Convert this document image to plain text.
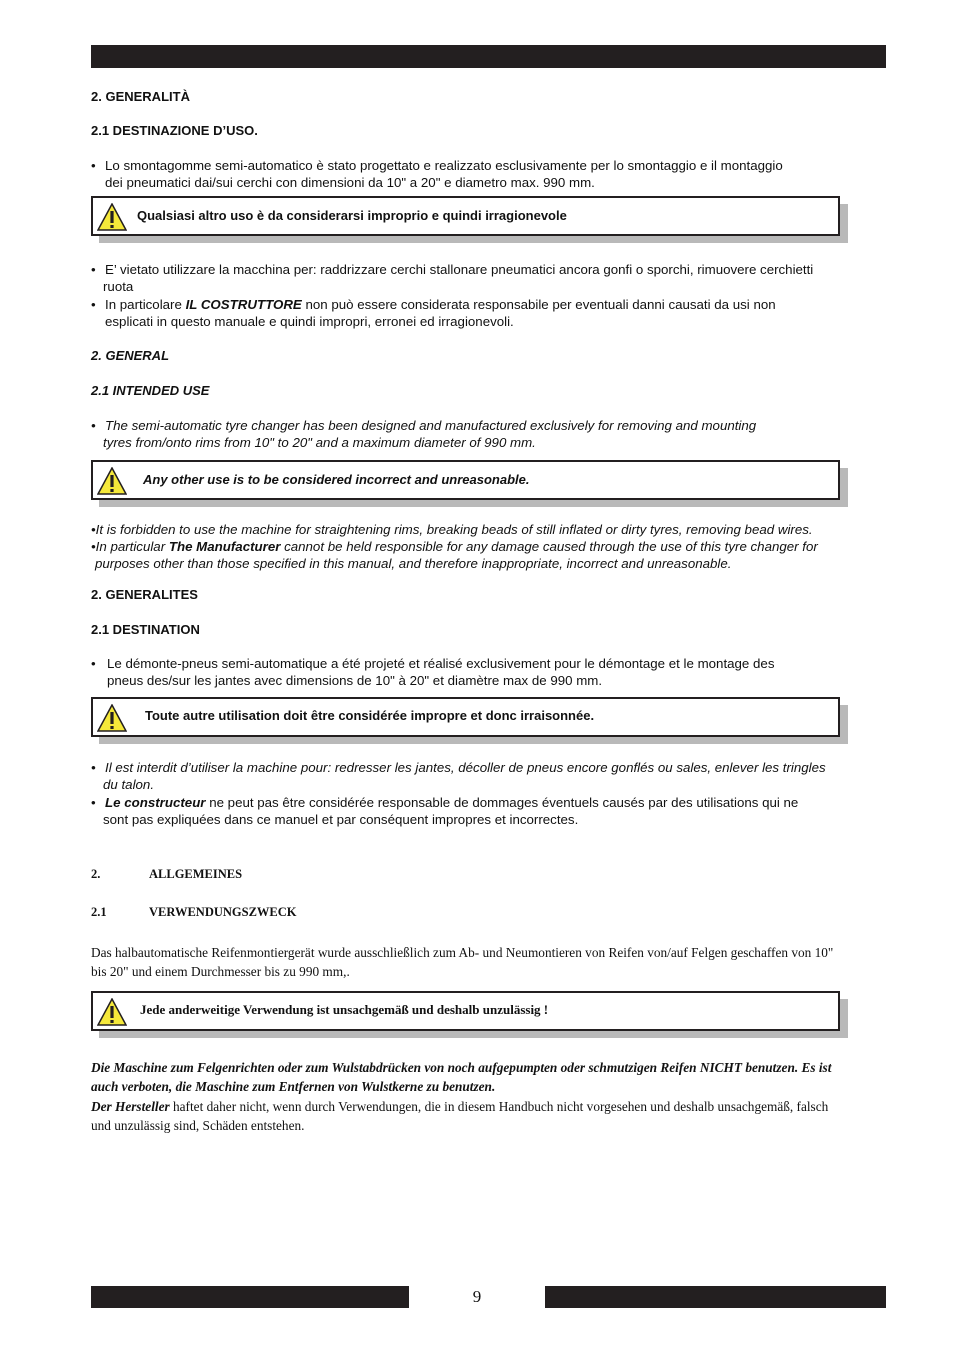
2. GENERALITÀ
2.1 DESTINAZIONE D’USO.
• Lo smontagomme semi-automatico è stato progettato e realizzato esclusivamente per lo smontaggio e il montaggio
dei pneumatici dai/sui cerchi con dimensioni da 10" a 20" e diametro max. 990 mm.
Qualsiasi altro uso è da considerarsi improprio e quindi irragionevole
• E’ vietato utilizzare la macchina per: raddrizzare cerchi stallonare pneumatici ancora gonfi o sporchi, rimuovere cerchietti
ruota
• In particolare IL COSTRUTTORE non può essere considerata responsabile per eventuali danni causati da usi non
esplicati in questo manuale e quindi impropri, erronei ed irragionevoli.
2. GENERAL
2.1 INTENDED USE
• The semi-automatic tyre changer has been designed and manufactured exclusively for removing and mounting
tyres from/onto rims from 10" to 20" and a maximum diameter of 990 mm.
Any other use is to be considered incorrect and unreasonable.
•It is forbidden to use the machine for straightening rims, breaking beads of still inflated or dirty tyres, removing bead wires.
•In particular The Manufacturer cannot be held responsible for any damage caused through the use of this tyre changer for
purposes other than those specified in this manual, and therefore inappropriate, incorrect and unreasonable.
2. GENERALITES
2.1 DESTINATION
• Le démonte-pneus semi-automatique a été projeté et réalisé exclusivement pour le démontage et le montage des
pneus des/sur les jantes avec dimensions de 10" à 20" et diamètre max de 990 mm.
Toute autre utilisation doit être considérée impropre et donc irraisonnée.
• Il est interdit d’utiliser la machine pour: redresser les jantes, décoller de pneus encore gonflés ou sales, enlever les tringles
du talon.
• Le constructeur ne peut pas être considérée responsable de dommages éventuels causés par des utilisations qui ne
sont pas expliquées dans ce manuel et par conséquent impropres et incorrectes.
2.	ALLGEMEINES
2.1	VERWENDUNGSZWECK
Das halbautomatische Reifenmontiergerät wurde ausschließlich zum Ab- und Neumontieren von Reifen von/auf Felgen geschaffen von 10"
bis 20" und einem Durchmesser bis zu 990 mm,.
Jede anderweitige Verwendung ist unsachgemäß und deshalb unzulässig !
Die Maschine zum Felgenrichten oder zum Wulstabdrücken von noch aufgepumpten oder schmutzigen Reifen NICHT benutzen. Es ist
auch verboten, die Maschine zum Entfernen von Wulstkerne zu benutzen.
Der Hersteller haftet daher nicht, wenn durch Verwendungen, die in diesem Handbuch nicht vorgesehen und deshalb unsachgemäß, falsch
und unzulässig sind, Schäden entstehen.
9
